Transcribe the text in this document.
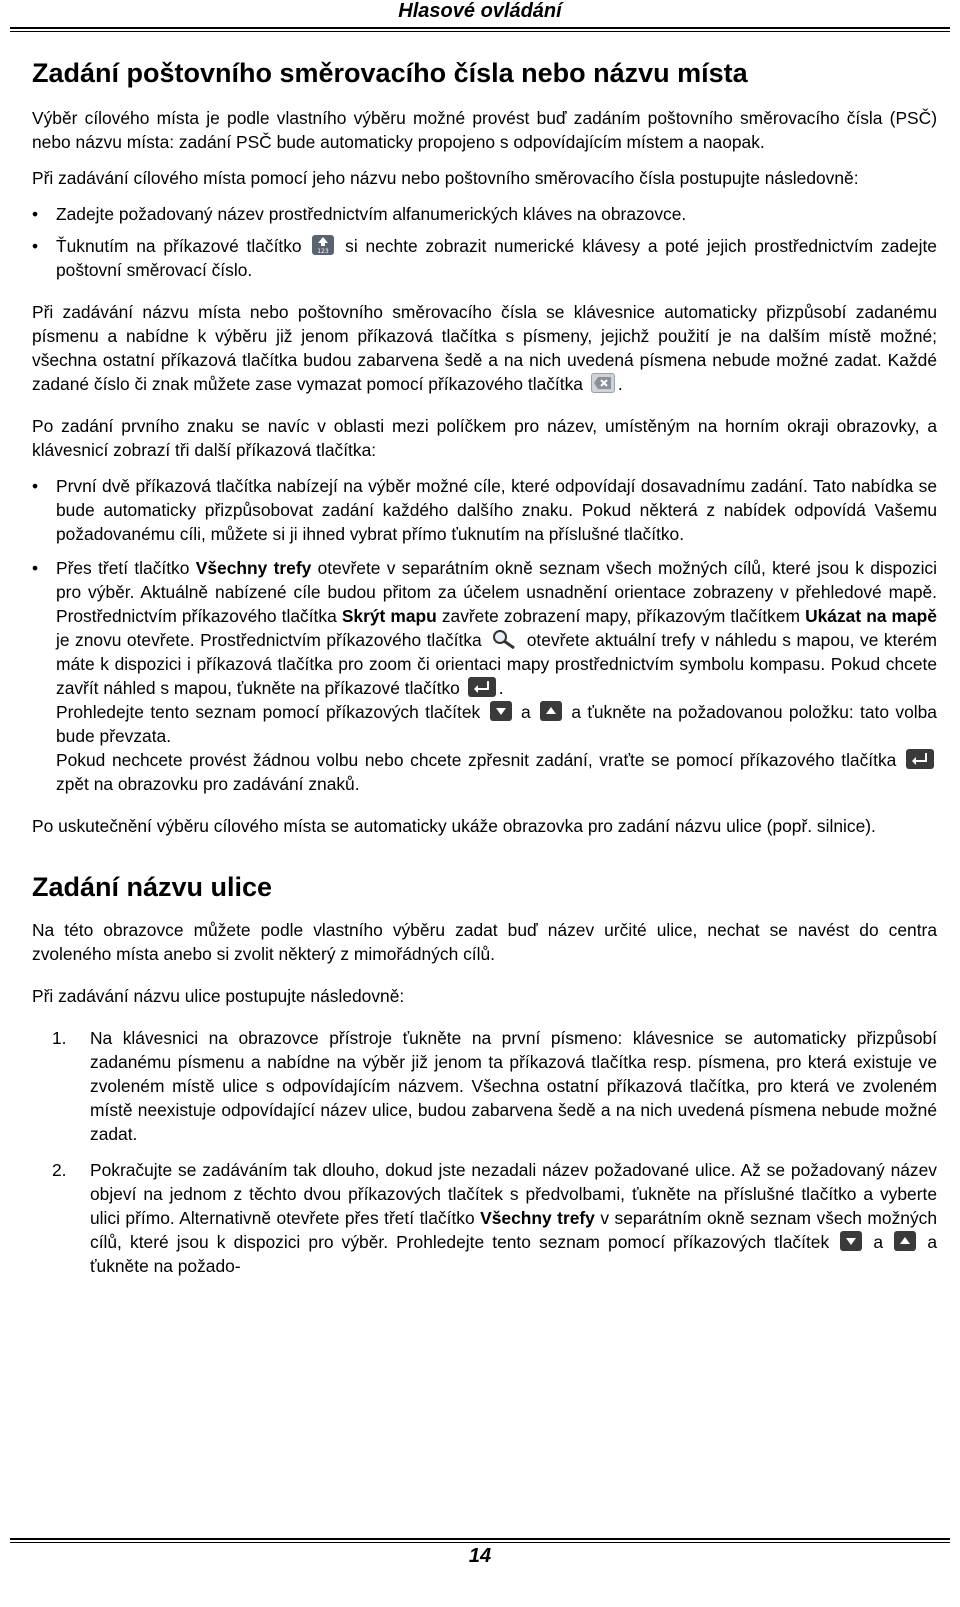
Hlasové ovládání
Zadání poštovního směrovacího čísla nebo názvu místa

Výběr cílového místa je podle vlastního výběru možné provést buď zadáním poštovního směrovacího čísla (PSČ) nebo názvu místa: zadání PSČ bude automaticky propojeno s odpovídajícím místem a naopak.

Při zadávání cílového místa pomocí jeho názvu nebo poštovního směrovacího čísla postupujte následovně:

• Zadejte požadovaný název prostřednictvím alfanumerických kláves na obrazovce.
• Ťuknutím na příkazové tlačítko	123 si nechte zobrazit numerické klávesy a poté jejich prostřednictvím zadejte poštovní směrovací číslo.

Při zadávání názvu místa nebo poštovního směrovacího čísla se klávesnice automaticky přizpůsobí zadanému písmenu a nabídne k výběru již jenom příkazová tlačítka s písmeny, jejichž použití je na dalším místě možné; všechna ostatní příkazová tlačítka budou zabarvena šedě a na nich uvedená písmena nebude možné zadat. Každé zadané číslo či znak můžete zase vymazat pomocí příkazového tlačítka .

Po zadání prvního znaku se navíc v oblasti mezi políčkem pro název, umístěným na horním okraji obrazovky, a klávesnicí zobrazí tři další příkazová tlačítka:

• První dvě příkazová tlačítka nabízejí na výběr možné cíle, které odpovídají dosavadnímu zadání. Tato nabídka se bude automaticky přizpůsobovat zadání každého dalšího znaku. Pokud některá z nabídek odpovídá Vašemu požadovanému cíli, můžete si ji ihned vybrat přímo ťuknutím na příslušné tlačítko.
• Přes třetí tlačítko Všechny trefy otevřete v separátním okně seznam všech možných cílů, které jsou k dispozici pro výběr. Aktuálně nabízené cíle budou přitom za účelem usnadnění orientace zobrazeny v přehledové mapě. Prostřednictvím příkazového tlačítka Skrýt mapu zavřete zobrazení mapy, příkazovým tlačítkem Ukázat na mapě je znovu otevřete. Prostřednictvím příkazového tlačítka	otevřete aktuální trefy v náhledu s mapou, ve kterém máte k dispozici i příkazová tlačítka pro zoom či orientaci mapy prostřednictvím symbolu kompasu. Pokud chcete zavřít náhled s mapou, ťukněte na příkazové tlačítko .
Prohledejte tento seznam pomocí příkazových tlačítek a a ťukněte na požadovanou položku: tato volba bude převzata.
Pokud nechcete provést žádnou volbu nebo chcete zpřesnit zadání, vraťte se pomocí příkazového tlačítka
zpět na obrazovku pro zadávání znaků.

Po uskutečnění výběru cílového místa se automaticky ukáže obrazovka pro zadání názvu ulice (popř. silnice).

Zadání názvu ulice

Na této obrazovce můžete podle vlastního výběru zadat buď název určité ulice, nechat se navést do centra zvoleného místa anebo si zvolit některý z mimořádných cílů.

Při zadávání názvu ulice postupujte následovně:

1. Na klávesnici na obrazovce přístroje ťukněte na první písmeno: klávesnice se automaticky přizpůsobí zadanému písmenu a nabídne na výběr již jenom ta příkazová tlačítka resp. písmena, pro která existuje ve zvoleném místě ulice s odpovídajícím názvem. Všechna ostatní příkazová tlačítka, pro která ve zvoleném místě neexistuje odpovídající název ulice, budou zabarvena šedě a na nich uvedená písmena nebude možné zadat.
2. Pokračujte se zadáváním tak dlouho, dokud jste nezadali název požadované ulice. Až se požadovaný název objeví na jednom z těchto dvou příkazových tlačítek s předvolbami, ťukněte na příslušné tlačítko a vyberte ulici přímo. Alternativně otevřete přes třetí tlačítko Všechny trefy v separátním okně seznam všech možných cílů, které jsou k dispozici pro výběr. Prohledejte tento seznam pomocí příkazových tlačítek	a	a ťukněte na požado-
14
